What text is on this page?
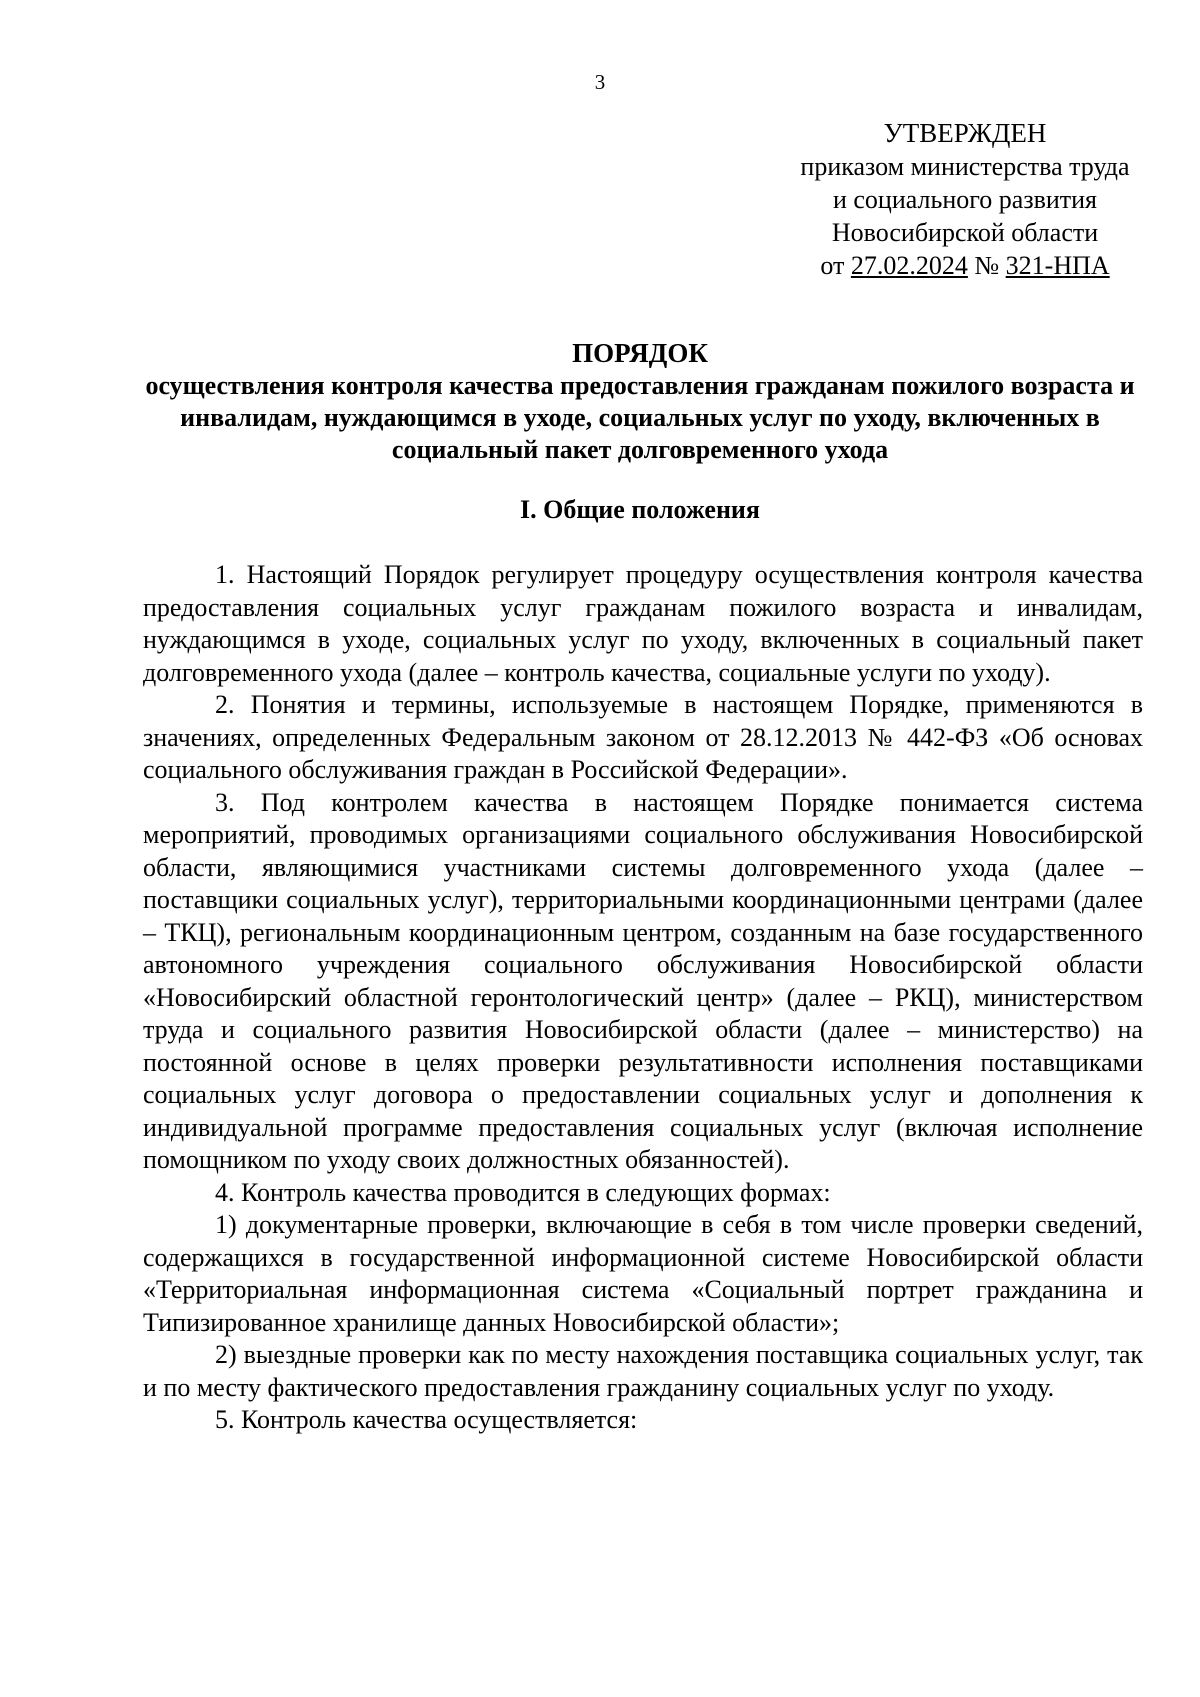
3
УТВЕРЖДЕН
приказом министерства труда
и социального развития
Новосибирской области
от 27.02.2024 № 321-НПА
ПОРЯДОК
осуществления контроля качества предоставления гражданам пожилого возраста и инвалидам, нуждающимся в уходе, социальных услуг по уходу, включенных в социальный пакет долговременного ухода
I. Общие положения

1. Настоящий Порядок регулирует процедуру осуществления контроля качества предоставления социальных услуг гражданам пожилого возраста и инвалидам, нуждающимся в уходе, социальных услуг по уходу, включенных в социальный пакет долговременного ухода (далее – контроль качества, социальные услуги по уходу).

2. Понятия и термины, используемые в настоящем Порядке, применяются в значениях, определенных Федеральным законом от 28.12.2013 № 442-ФЗ «Об основах социального обслуживания граждан в Российской Федерации».

3. Под контролем качества в настоящем Порядке понимается система мероприятий, проводимых организациями социального обслуживания Новосибирской области, являющимися участниками системы долговременного ухода (далее – поставщики социальных услуг), территориальными координационными центрами (далее – ТКЦ), региональным координационным центром, созданным на базе государственного автономного учреждения социального обслуживания Новосибирской области «Новосибирский областной геронтологический центр» (далее – РКЦ), министерством труда и социального развития Новосибирской области (далее – министерство) на постоянной основе в целях проверки результативности исполнения поставщиками социальных услуг договора о предоставлении социальных услуг и дополнения к индивидуальной программе предоставления социальных услуг (включая исполнение помощником по уходу своих должностных обязанностей).

4. Контроль качества проводится в следующих формах:

1) документарные проверки, включающие в себя в том числе проверки сведений, содержащихся в государственной информационной системе Новосибирской области «Территориальная информационная система «Социальный портрет гражданина и Типизированное хранилище данных Новосибирской области»;

2) выездные проверки как по месту нахождения поставщика социальных услуг, так и по месту фактического предоставления гражданину социальных услуг по уходу.

5. Контроль качества осуществляется:
